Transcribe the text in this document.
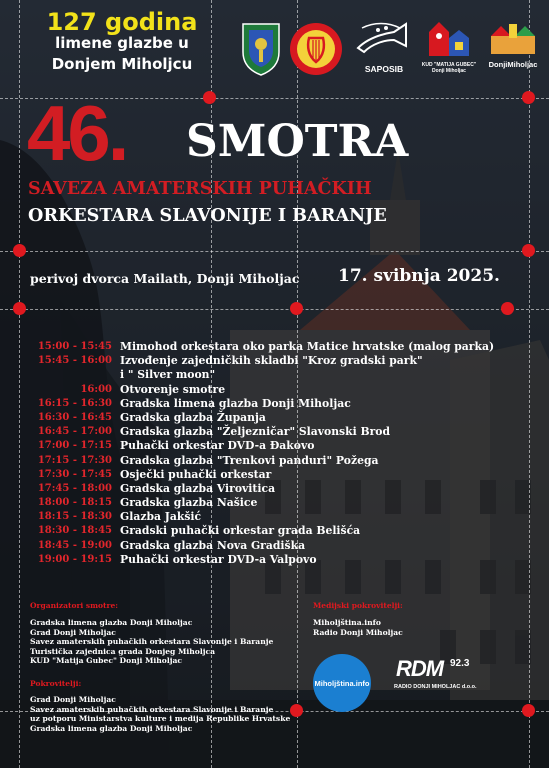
127 godina
limene glazbe u
Donjem Miholjcu	SAPOSIB	KUD "MATIJA GUBEC"
Donji Miholjac
DonjiMiholjac
46. SMOTRA
SAVEZA AMATERSKIH PUHAČKIH
ORKESTARA SLAVONIJE I BARANJE
perivoj dvorca Mailath, Donji Miholjac 17. svibnja 2025.
15:00 - 15:45 Mimohod orkestara oko parka Matice hrvatske (malog parka)
15:45 - 16:00 Izvođenje zajedničkih skladbi "Kroz gradski park"
i " Silver moon"
16:00 Otvorenje smotre
16:15 - 16:30 Gradska limena glazba Donji Miholjac
16:30 - 16:45 Gradska glazba Županja
16:45 - 17:00 Gradska glazba "Željezničar" Slavonski Brod
17:00 - 17:15 Puhački orkestar DVD-a Đakovo
17:15 - 17:30 Gradska glazba "Trenkovi panduri" Požega
17:30 - 17:45 Osječki puhački orkestar
17:45 - 18:00 Gradska glazba Virovitica
18:00 - 18:15 Gradska glazba Našice
18:15 - 18:30 Glazba Jakšić
18:30 - 18:45 Gradski puhački orkestar grada Belišća
18:45 - 19:00 Gradska glazba Nova Gradiška
19:00 - 19:15 Puhački orkestar DVD-a Valpovo
Organizatori smotre:
Gradska limena glazba Donji Miholjac
Grad Donji Miholjac
Savez amaterskih puhačkih orkestara Slavonije i Baranje
Turistička zajednica grada Donjeg Miholjca
KUD "Matija Gubec" Donji Miholjac
Pokrovitelji:
Grad Donji Miholjac
Savez amaterskih puhačkih orkestara Slavonije i Baranje
uz potporu Ministarstva kulture i medija Republike Hrvatske
Gradska limena glazba Donji Miholjac
Medijski pokrovitelji:
Miholjština.info
Radio Donji Miholjac
Miholjština.info
RDM 92.3
RADIO DONJI MIHOLJAC d.o.o.
